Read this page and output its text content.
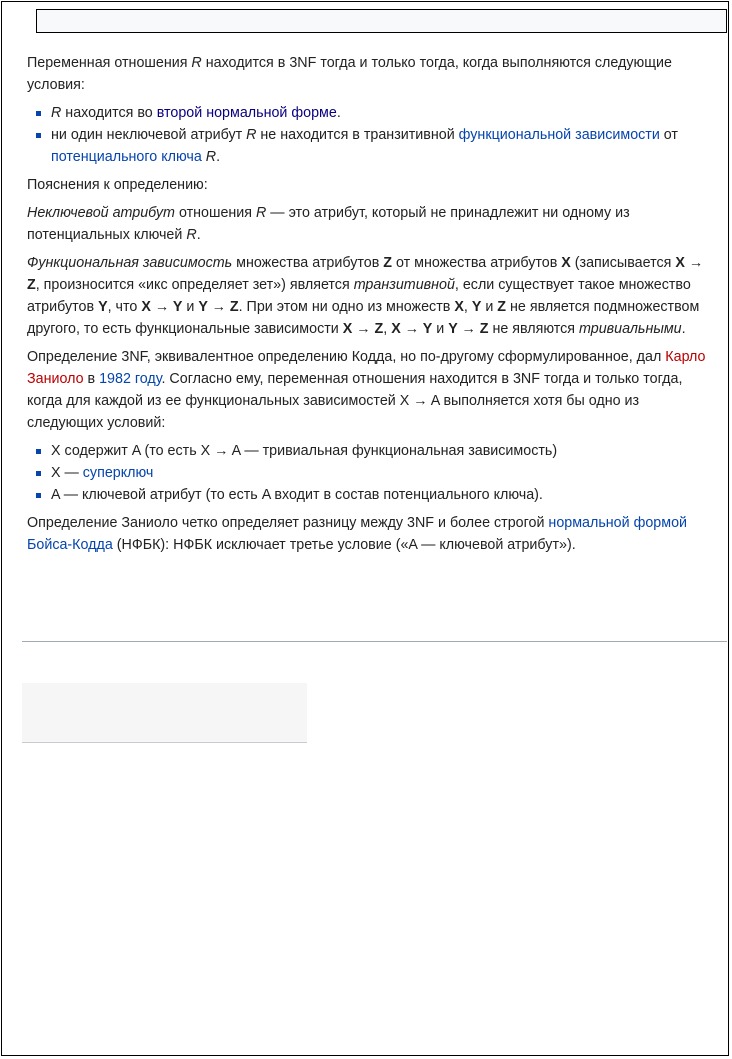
Переменная отношения R находится в 3NF тогда и только тогда, когда выполняются следующие условия:

R находится во второй нормальной форме.
ни один неключевой атрибут R не находится в транзитивной функциональной зависимости от потенциального ключа R.

Пояснения к определению:

Неключевой атрибут отношения R — это атрибут, который не принадлежит ни одному из потенциальных ключей R.

Функциональная зависимость множества атрибутов Z от множества атрибутов X (записывается X → Z, произносится «икс определяет зет») является транзитивной, если существует такое множество атрибутов Y, что X → Y и Y → Z. При этом ни одно из множеств X, Y и Z не является подмножеством другого, то есть функциональные зависимости X → Z, X → Y и Y → Z не являются тривиальными.

Определение 3NF, эквивалентное определению Кодда, но по-другому сформулированное, дал Карло Заниоло в 1982 году. Согласно ему, переменная отношения находится в 3NF тогда и только тогда, когда для каждой из ее функциональных зависимостей X → A выполняется хотя бы одно из следующих условий:

X содержит A (то есть X → A — тривиальная функциональная зависимость)
X — суперключ
A — ключевой атрибут (то есть A входит в состав потенциального ключа).

Определение Заниоло четко определяет разницу между 3NF и более строгой нормальной формой Бойса-Кодда (НФБК): НФБК исключает третье условие («A — ключевой атрибут»).
